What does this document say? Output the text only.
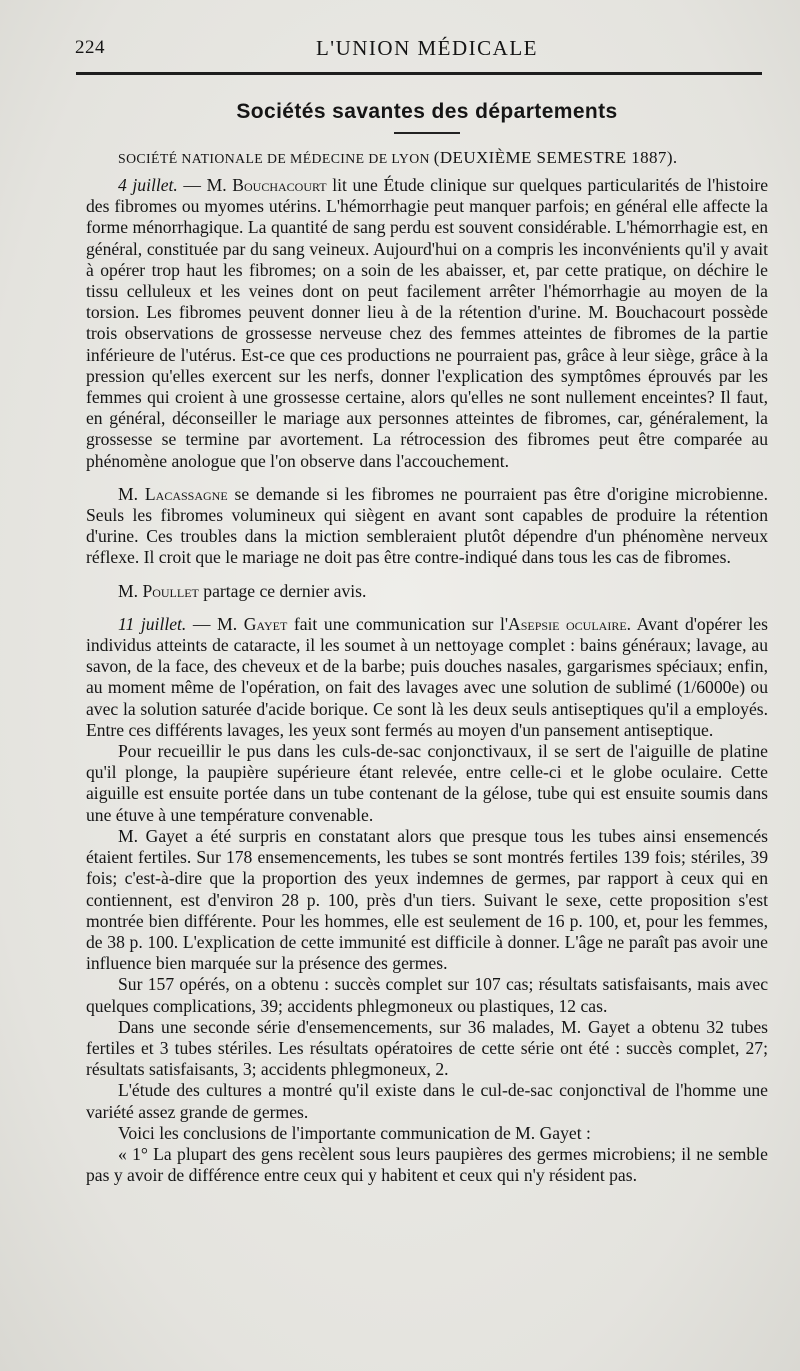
224	L'UNION MÉDICALE
Sociétés savantes des départements
SOCIÉTÉ NATIONALE DE MÉDECINE DE LYON (DEUXIÈME SEMESTRE 1887).

4 juillet. — M. Bouchacourt lit une Étude clinique sur quelques particularités de l'histoire des fibromes ou myomes utérins. L'hémorrhagie peut manquer parfois; en général elle affecte la forme ménorrhagique. La quantité de sang perdu est souvent considérable. L'hémorrhagie est, en général, constituée par du sang veineux. Aujourd'hui on a compris les inconvénients qu'il y avait à opérer trop haut les fibromes; on a soin de les abaisser, et, par cette pratique, on déchire le tissu celluleux et les veines dont on peut facilement arrêter l'hémorrhagie au moyen de la torsion. Les fibromes peuvent donner lieu à de la rétention d'urine. M. Bouchacourt possède trois observations de grossesse nerveuse chez des femmes atteintes de fibromes de la partie inférieure de l'utérus. Est-ce que ces productions ne pourraient pas, grâce à leur siège, grâce à la pression qu'elles exercent sur les nerfs, donner l'explication des symptômes éprouvés par les femmes qui croient à une grossesse certaine, alors qu'elles ne sont nullement enceintes? Il faut, en général, déconseiller le mariage aux personnes atteintes de fibromes, car, généralement, la grossesse se termine par avortement. La rétrocession des fibromes peut être comparée au phénomène anologue que l'on observe dans l'accouchement.

M. Lacassagne se demande si les fibromes ne pourraient pas être d'origine microbienne. Seuls les fibromes volumineux qui siègent en avant sont capables de produire la rétention d'urine. Ces troubles dans la miction sembleraient plutôt dépendre d'un phénomène nerveux réflexe. Il croit que le mariage ne doit pas être contre-indiqué dans tous les cas de fibromes.

M. Poullet partage ce dernier avis.

11 juillet. — M. Gayet fait une communication sur l'Asepsie oculaire. Avant d'opérer les individus atteints de cataracte, il les soumet à un nettoyage complet : bains généraux; lavage, au savon, de la face, des cheveux et de la barbe; puis douches nasales, gargarismes spéciaux; enfin, au moment même de l'opération, on fait des lavages avec une solution de sublimé (1/6000e) ou avec la solution saturée d'acide borique. Ce sont là les deux seuls antiseptiques qu'il a employés. Entre ces différents lavages, les yeux sont fermés au moyen d'un pansement antiseptique.

Pour recueillir le pus dans les culs-de-sac conjonctivaux, il se sert de l'aiguille de platine qu'il plonge, la paupière supérieure étant relevée, entre celle-ci et le globe oculaire. Cette aiguille est ensuite portée dans un tube contenant de la gélose, tube qui est ensuite soumis dans une étuve à une température convenable.

M. Gayet a été surpris en constatant alors que presque tous les tubes ainsi ensemencés étaient fertiles. Sur 178 ensemencements, les tubes se sont montrés fertiles 139 fois; stériles, 39 fois; c'est-à-dire que la proportion des yeux indemnes de germes, par rapport à ceux qui en contiennent, est d'environ 28 p. 100, près d'un tiers. Suivant le sexe, cette proposition s'est montrée bien différente. Pour les hommes, elle est seulement de 16 p. 100, et, pour les femmes, de 38 p. 100. L'explication de cette immunité est difficile à donner. L'âge ne paraît pas avoir une influence bien marquée sur la présence des germes.

Sur 157 opérés, on a obtenu : succès complet sur 107 cas; résultats satisfaisants, mais avec quelques complications, 39; accidents phlegmoneux ou plastiques, 12 cas.

Dans une seconde série d'ensemencements, sur 36 malades, M. Gayet a obtenu 32 tubes fertiles et 3 tubes stériles. Les résultats opératoires de cette série ont été : succès complet, 27; résultats satisfaisants, 3; accidents phlegmoneux, 2.

L'étude des cultures a montré qu'il existe dans le cul-de-sac conjonctival de l'homme une variété assez grande de germes.

Voici les conclusions de l'importante communication de M. Gayet :

« 1° La plupart des gens recèlent sous leurs paupières des germes microbiens; il ne semble pas y avoir de différence entre ceux qui y habitent et ceux qui n'y résident pas.
